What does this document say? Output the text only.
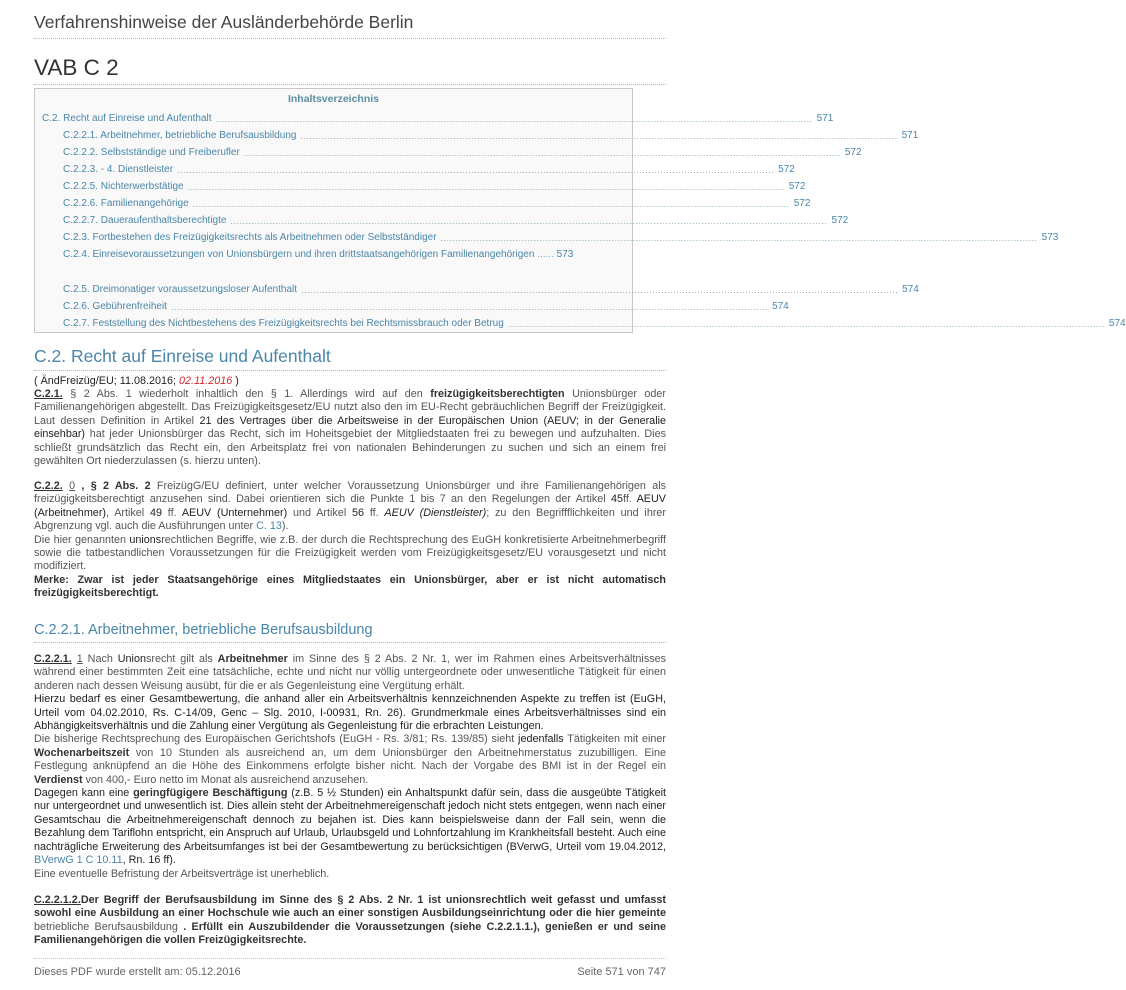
Verfahrenshinweise der Ausländerbehörde Berlin
VAB C 2
Inhaltsverzeichnis
C.2. Recht auf Einreise und Aufenthalt ....................................................................................................................................................................................................... 571
C.2.2.1. Arbeitnehmer, betriebliche Berufsausbildung ....................................................................................................................................................................................................... 571
C.2.2.2. Selbstständige und Freiberufler ....................................................................................................................................................................................................... 572
C.2.2.3. - 4. Dienstleister ....................................................................................................................................................................................................... 572
C.2.2.5. Nichterwerbstätige ....................................................................................................................................................................................................... 572
C.2.2.6. Familienangehörige ....................................................................................................................................................................................................... 572
C.2.2.7. Daueraufenthaltsberechtigte ....................................................................................................................................................................................................... 572
C.2.3. Fortbestehen des Freizügigkeitsrechts als Arbeitnehmen oder Selbstständiger ....................................................................................................................................................................................................... 573
C.2.4. Einreisevoraussetzungen von Unionsbürgern und ihren drittstaatsangehörigen Familienangehörigen ...... 573
C.2.5. Dreimonatiger voraussetzungsloser Aufenthalt ....................................................................................................................................................................................................... 574
C.2.6. Gebührenfreiheit ....................................................................................................................................................................................................... 574
C.2.7. Feststellung des Nichtbestehens des Freizügigkeitsrechts bei Rechtsmissbrauch oder Betrug ....................................................................................................................................................................................................... 574
C.2. Recht auf Einreise und Aufenthalt
( ÄndFreizüg/EU; 11.08.2016; 02.11.2016 )
C.2.1. § 2 Abs. 1 wiederholt inhaltlich den § 1. Allerdings wird auf den freizügigkeitsberechtigten Unionsbürger oder Familienangehörigen abgestellt. Das Freizügigkeitsgesetz/EU nutzt also den im EU-Recht gebräuchlichen Begriff der Freizügigkeit. Laut dessen Definition in Artikel 21 des Vertrages über die Arbeitsweise in der Europäischen Union (AEUV; in der Generalie einsehbar) hat jeder Unionsbürger das Recht, sich im Hoheitsgebiet der Mitgliedstaaten frei zu bewegen und aufzuhalten. Dies schließt grundsätzlich das Recht ein, den Arbeitsplatz frei von nationalen Behinderungen zu suchen und sich an einem frei gewählten Ort niederzulassen (s. hierzu unten).
C.2.2. 0 , § 2 Abs. 2 FreizügG/EU definiert, unter welcher Voraussetzung Unionsbürger und ihre Familienangehörigen als freizügigkeitsberechtigt anzusehen sind. Dabei orientieren sich die Punkte 1 bis 7 an den Regelungen der Artikel 45ff. AEUV (Arbeitnehmer), Artikel 49 ff. AEUV (Unternehmer) und Artikel 56 ff. AEUV (Dienstleister); zu den Begriffflichkeiten und ihrer Abgrenzung vgl. auch die Ausführungen unter C. 13).
Die hier genannten unionsrechtlichen Begriffe, wie z.B. der durch die Rechtsprechung des EuGH konkretisierte Arbeitnehmerbegriff sowie die tatbestandlichen Voraussetzungen für die Freizügigkeit werden vom Freizügigkeitsgesetz/EU vorausgesetzt und nicht modifiziert.
Merke: Zwar ist jeder Staatsangehörige eines Mitgliedstaates ein Unionsbürger, aber er ist nicht automatisch freizügigkeitsberechtigt.
C.2.2.1. Arbeitnehmer, betriebliche Berufsausbildung
C.2.2.1. 1 Nach Unionsrecht gilt als Arbeitnehmer im Sinne des § 2 Abs. 2 Nr. 1, wer im Rahmen eines Arbeitsverhältnisses während einer bestimmten Zeit eine tatsächliche, echte und nicht nur völlig untergeordnete oder unwesentliche Tätigkeit für einen anderen nach dessen Weisung ausübt, für die er als Gegenleistung eine Vergütung erhält.
Hierzu bedarf es einer Gesamtbewertung, die anhand aller ein Arbeitsverhältnis kennzeichnenden Aspekte zu treffen ist (EuGH, Urteil vom 04.02.2010, Rs. C-14/09, Genc – Slg. 2010, I-00931, Rn. 26). Grundmerkmale eines Arbeitsverhältnisses sind ein Abhängigkeitsverhältnis und die Zahlung einer Vergütung als Gegenleistung für die erbrachten Leistungen.
Die bisherige Rechtsprechung des Europäischen Gerichtshofs (EuGH - Rs. 3/81; Rs. 139/85) sieht jedenfalls Tätigkeiten mit einer Wochenarbeitszeit von 10 Stunden als ausreichend an, um dem Unionsbürger den Arbeitnehmerstatus zuzubilligen. Eine Festlegung anknüpfend an die Höhe des Einkommens erfolgte bisher nicht. Nach der Vorgabe des BMI ist in der Regel ein Verdienst von 400,- Euro netto im Monat als ausreichend anzusehen.
Dagegen kann eine geringfügigere Beschäftigung (z.B. 5 ½ Stunden) ein Anhaltspunkt dafür sein, dass die ausgeübte Tätigkeit nur untergeordnet und unwesentlich ist. Dies allein steht der Arbeitnehmereigenschaft jedoch nicht stets entgegen, wenn nach einer Gesamtschau die Arbeitnehmereigenschaft dennoch zu bejahen ist. Dies kann beispielsweise dann der Fall sein, wenn die Bezahlung dem Tariflohn entspricht, ein Anspruch auf Urlaub, Urlaubsgeld und Lohnfortzahlung im Krankheitsfall besteht. Auch eine nachträgliche Erweiterung des Arbeitsumfanges ist bei der Gesamtbewertung zu berücksichtigen (BVerwG, Urteil vom 19.04.2012, BVerwG 1 C 10.11, Rn. 16 ff).
Eine eventuelle Befristung der Arbeitsverträge ist unerheblich.
C.2.2.1.2.Der Begriff der Berufsausbildung im Sinne des § 2 Abs. 2 Nr. 1 ist unionsrechtlich weit gefasst und umfasst sowohl eine Ausbildung an einer Hochschule wie auch an einer sonstigen Ausbildungseinrichtung oder die hier gemeinte betriebliche Berufsausbildung . Erfüllt ein Auszubildender die Voraussetzungen (siehe C.2.2.1.1.), genießen er und seine Familienangehörigen die vollen Freizügigkeitsrechte.
Dieses PDF wurde erstellt am: 05.12.2016	Seite 571 von 747
